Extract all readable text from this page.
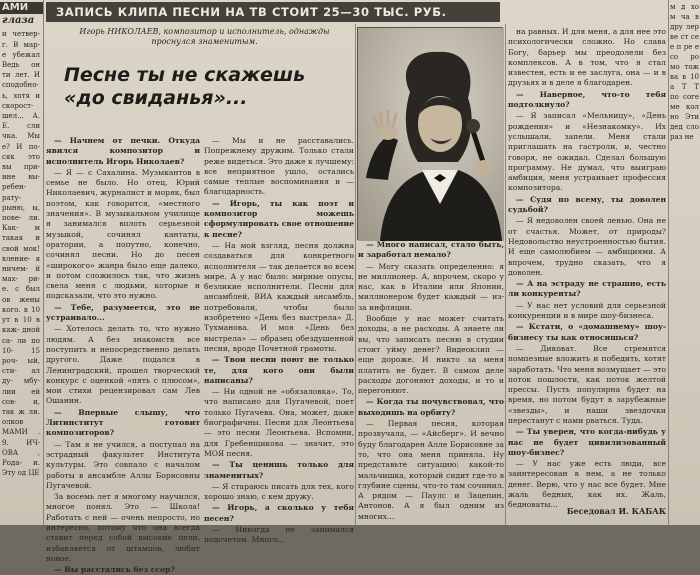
АМИ
глаза
и четвер- г. В мар- е убежал Ведь он ти лет. И сподобно- ь, хотя и скорост- шел... А. Е. сли чка. Мы е? И по- сяк это вы при- ине вы- ребен- рату- рыню, ы, пове- ли. Как- м такая и свой мок! вление- я ничем- й мах- ри- е. с был ов жены кого. в 10 ут в 10 в каж- дной са- ли по 10- 15 роч- ый, сти- ал ду- мбу- лии ей сов- и, так ж ли. олков МАМИ . 9. ИЧ- ОВА , Рода- и. Эту од ЦЕ
м д хо м ча в дру лер ве ст се е п ре е со ро мо тож ва в 10 а Т Т по соге ме кол но Эти дед сло раз не
ЗАПИСЬ КЛИПА ПЕСНИ НА ТВ СТОИТ 25—30 ТЫС. РУБ.
Игорь НИКОЛАЕВ, композитор и исполнитель, однажды проснулся знаменитым.
Песне ты не скажешь «до свиданья»...

— Начнем от печки. Откуда явился композитор и исполнитель Игорь Николаев?

— Я — с Сахалина. Музыкантов в семье не было. Но отец, Юрий Николаевич, журналист и моряк, был поэтом, как говорится, «местного значения». В музыкальном училище я занимался вплоть серьезной музыкой, сочинял кантаты, оратории, а попутно, конечно, сочинял песни. Но до песен «широкого» жанра было еще далеко, и потом сложилось так, что жизнь свела меня с людьми, которые и подсказали, что это нужно.

— Тебе, разумеется, это не устраивало...

— Хотелось делать то, что нужно людям. А без знакомств все поступить и непосредственно делать другого. Даже подался в Ленинградский, прошел творческий конкурс с оценкой «пять с плюсом», мои стихи рецензировал сам Лев Ошанин.

— Впервые слышу, что Литинститут готовит композиторов?

— Там я не учился, а поступал на эстрадный факультет Института культуры. Это совпало с началом работы в ансамбле Аллы Борисовны Пугачевой.

За восемь лет я многому научился, многое понял. Это — Школа! Работать с ней — очень непросто, но интересно, потому что она всегда ставит перед собой высокие цели, избавляется от штампов, любит новое.

— Вы расстались без ссор?

— Мы и не расставались. Попрежнему дружим. Только стали реже видеться. Это даже к лучшему: все неприятное ушло, остались самые теплые воспоминания и — благодарность.

— Игорь, ты как поэт и композитор можешь сформулировать свое отношение к песне?

— На мой взгляд, песня должна создаваться для конкретного исполнителя — так делается во всем мире. А у нас было: мирные опусы, безликие исполнители. Песни для ансамблей, ВИА каждый ансамбль, потребовали, чтобы было изобретено «День без выстрела» Д. Тухманова. И моя «День без выстрела» — образец обездушенной песни, вроде Почетной грамоты.

— Твои песни поют не только те, для кого они были написаны?

— Ни одной не «обязаловка». То, что написано для Пугачевой, поет только Пугачева. Она, может, даже биографичны. Песни для Леонтьева — это песни Леонтьева. Вспомни, для Гребенщикова — значит, это МОЯ песня.

— Ты ценишь только для знаменитых?

— Я стараюсь писать для тех, кого хорошо знаю, с кем дружу.

— Игорь, а сколько у тебя песен?

— Никогда не занимался подсчетом. Много...

— Много написал, стало быть, и заработал немало?

— Могу сказать определенно: я не миллионер. А, впрочем, скоро у нас, как в Италии или Японии, миллионером будет каждый — из-за инфляции.

Вообще у нас может считать доходы, а не расходы. А знаете ли вы, что записать песню в студии стоит уйму денег? Видеоклип — еще дороже. И никто за меня платить не будет. В самом деле расходы догоняют доходы, и то и перегоняют.

— Когда ты почувствовал, что выходишь на орбиту?

— Первая песня, которая прозвучала, — «Айсберг». И вечно буду благодарен Алле Борисовне за то, что она меня приняла. Ну представьте ситуацию: какой-то мальчишка, который сидит где-то в глубине сцены, что-то там сочинил. А рядом — Паулс и Зацепин, Антонов. А я был одним из многих...

на равных. И для меня, а для нее это психологически сложно. Но слава Богу, барьер мы преодолели без комплексов. А в том, что я стал известен, есть и ее заслуга, она — и в друзьях и в деле я благодарен.

— Наверное, что-то тебя подтолкнуло?

— Я записал «Мельницу», «День рождения» и «Незнакомку». Их услышали, запели. Меня стали приглашать на гастроли, и, честно говоря, не ожидал. Сделал большую программу. Не думал, что выиграю амбиция, меня устраивает профессия композитора.

— Судя по всему, ты доволен судьбой?

— Я недоволен своей ленью. Она не от счастья. Может, от природы? Недовольство неустроенностью бытия. И еще самолюбием — амбициями. А впрочем, трудно сказать, что я доволен.

— А на эстраду не страшно, есть ли конкуренты?

— У нас нет условий для серьезной конкуренции и в мире шоу-бизнеса.

— Кстати, о «домашнему» шоу-бизнесу ты как относишься?

— Диковат. Все стремятся помпезные вложить и победить, хотят заработать. Что меня возмущает — это поток пошлости, как поток желтой прессы. Пусть популярна будет на время, но потом будут в зарубежные «звезды», и наши звездочки перестанут с нами рваться. Туда.

— Ты уверен, что когда-нибудь у нас не будет цивилизованный шоу-бизнес?

— У нас уже есть люди, все заинтересован в нем, а не только денег. Верю, что у нас все будет. Мне жаль бедных, как их. Жаль, бедноваты...

Беседовал И. КАБАК
